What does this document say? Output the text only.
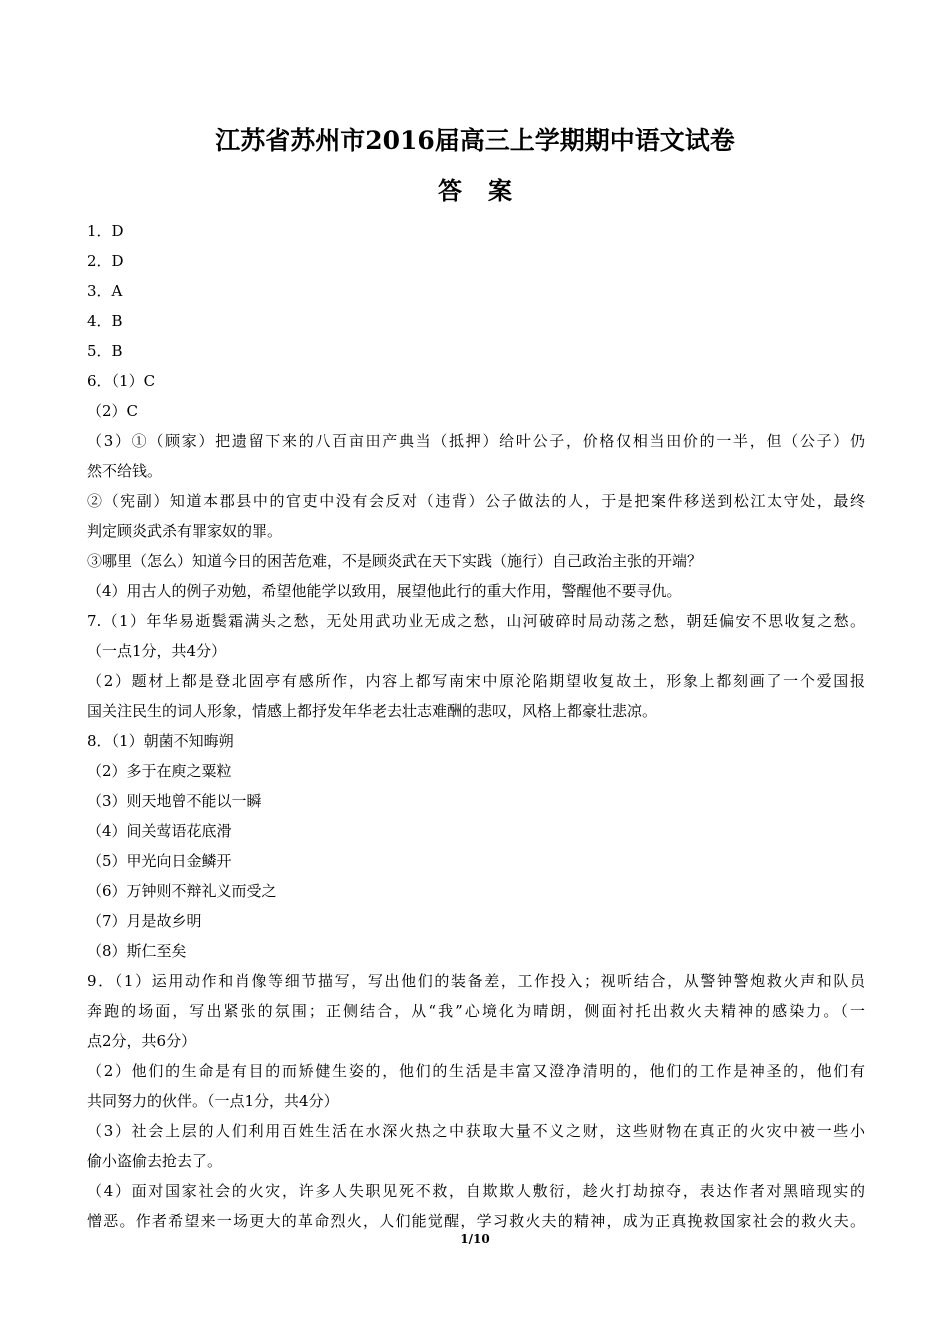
江苏省苏州市2016届高三上学期期中语文试卷
答案
1．D
2．D
3．A
4．B
5．B
6．（1）C
（2）C
（3）①（顾家）把遗留下来的八百亩田产典当（抵押）给叶公子，价格仅相当田价的一半，但（公子）仍
然不给钱。
②（宪副）知道本郡县中的官吏中没有会反对（违背）公子做法的人，于是把案件移送到松江太守处，最终
判定顾炎武杀有罪家奴的罪。
③哪里（怎么）知道今日的困苦危难，不是顾炎武在天下实践（施行）自己政治主张的开端？
（4）用古人的例子劝勉，希望他能学以致用，展望他此行的重大作用，警醒他不要寻仇。
7.（1）年华易逝鬓霜满头之愁，无处用武功业无成之愁，山河破碎时局动荡之愁，朝廷偏安不思收复之愁。
（一点1分，共4分）
（2）题材上都是登北固亭有感所作，内容上都写南宋中原沦陷期望收复故土，形象上都刻画了一个爱国报
国关注民生的词人形象，情感上都抒发年华老去壮志难酬的悲叹，风格上都豪壮悲凉。
8．（1）朝菌不知晦朔
（2）多于在庾之粟粒
（3）则天地曾不能以一瞬
（4）间关莺语花底滑
（5）甲光向日金鳞开
（6）万钟则不辩礼义而受之
（7）月是故乡明
（8）斯仁至矣
9．（1）运用动作和肖像等细节描写，写出他们的装备差，工作投入；视听结合，从警钟警炮救火声和队员
奔跑的场面，写出紧张的氛围；正侧结合，从“我”心境化为晴朗，侧面衬托出救火夫精神的感染力。（一
点2分，共6分）
（2）他们的生命是有目的而矫健生姿的，他们的生活是丰富又澄净清明的，他们的工作是神圣的，他们有
共同努力的伙伴。（一点1分，共4分）
（3）社会上层的人们利用百姓生活在水深火热之中获取大量不义之财，这些财物在真正的火灾中被一些小
偷小盗偷去抢去了。
（4）面对国家社会的火灾，许多人失职见死不救，自欺欺人敷衍，趁火打劫掠夺，表达作者对黑暗现实的
憎恶。作者希望来一场更大的革命烈火，人们能觉醒，学习救火夫的精神，成为正真挽救国家社会的救火夫。
1/10
